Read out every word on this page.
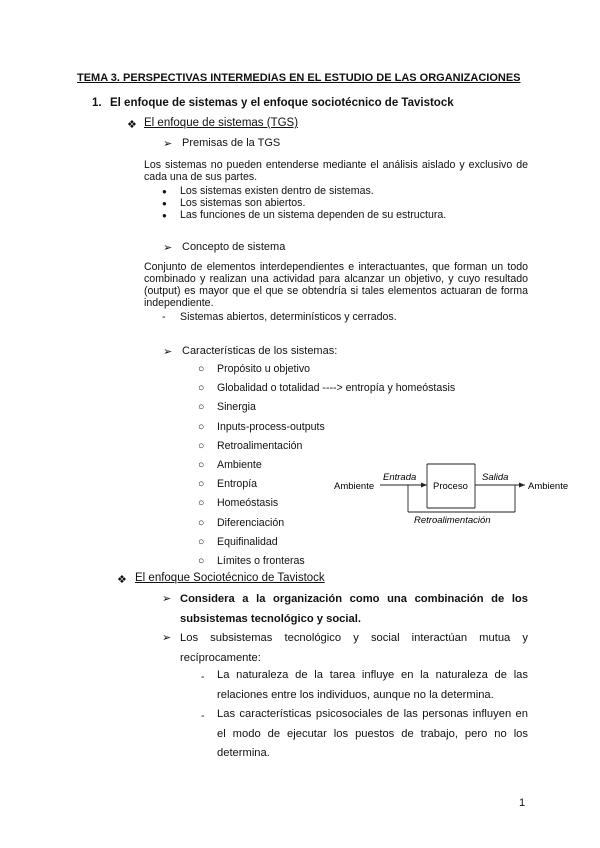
TEMA 3. PERSPECTIVAS INTERMEDIAS EN EL ESTUDIO DE LAS ORGANIZACIONES
1. El enfoque de sistemas y el enfoque sociotécnico de Tavistock
❖ El enfoque de sistemas (TGS)
➢ Premisas de la TGS
Los sistemas no pueden entenderse mediante el análisis aislado y exclusivo de cada una de sus partes.
● Los sistemas existen dentro de sistemas.
● Los sistemas son abiertos.
● Las funciones de un sistema dependen de su estructura.
➢ Concepto de sistema
Conjunto de elementos interdependientes e interactuantes, que forman un todo combinado y realizan una actividad para alcanzar un objetivo, y cuyo resultado (output) es mayor que el que se obtendría si tales elementos actuaran de forma independiente.
- Sistemas abiertos, determinísticos y cerrados.
➢ Características de los sistemas:
○ Propósito u objetivo
○ Globalidad o totalidad ----> entropía y homeóstasis
○ Sinergia
○ Inputs-process-outputs
○ Retroalimentación
○ Ambiente
○ Entropía
○ Homeóstasis
○ Diferenciación
○ Equifinalidad
○ Límites o fronteras
Ambiente
Entrada
Proceso
Salida
Ambiente
Retroalimentación
❖ El enfoque Sociotécnico de Tavistock
➢ Considera a la organización como una combinación de los subsistemas tecnológico y social.
➢ Los subsistemas tecnológico y social interactúan mutua y recíprocamente:
- La naturaleza de la tarea influye en la naturaleza de las relaciones entre los individuos, aunque no la determina.
- Las características psicosociales de las personas influyen en el modo de ejecutar los puestos de trabajo, pero no los determina.
1
